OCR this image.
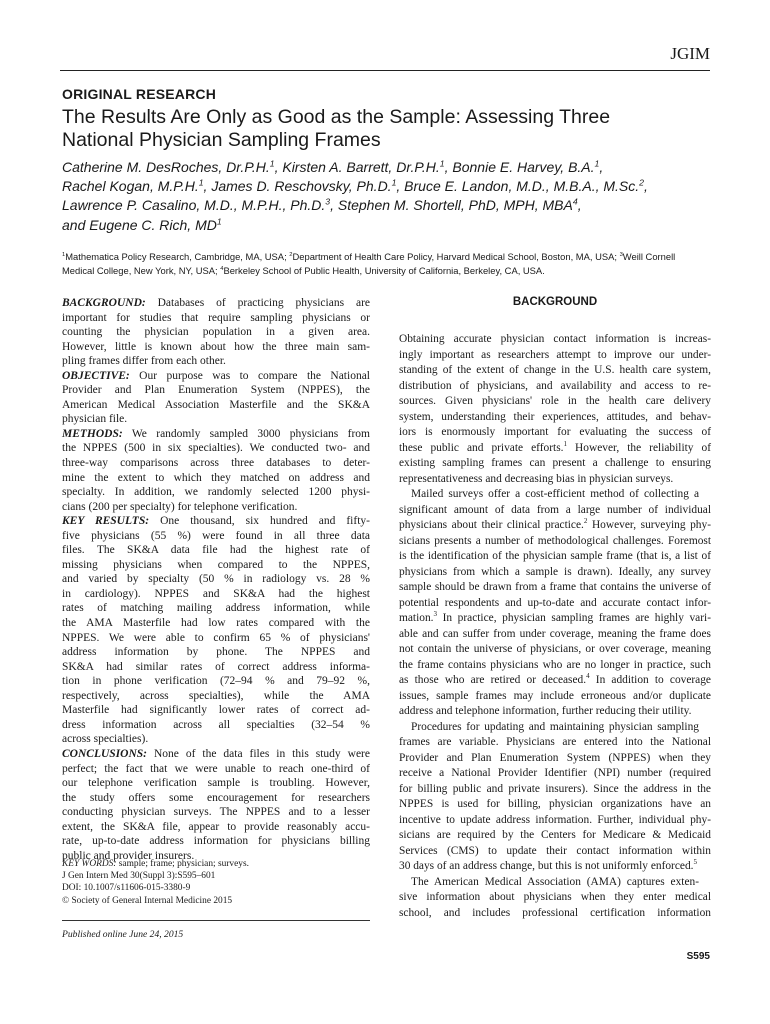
JGIM
ORIGINAL RESEARCH
The Results Are Only as Good as the Sample: Assessing Three
National Physician Sampling Frames
Catherine M. DesRoches, Dr.P.H.$^1$, Kirsten A. Barrett, Dr.P.H.$^1$, Bonnie E. Harvey, B.A.$^1$,
Rachel Kogan, M.P.H.$^1$, James D. Reschovsky, Ph.D.$^1$, Bruce E. Landon, M.D., M.B.A., M.Sc.$^2$,
Lawrence P. Casalino, M.D., M.P.H., Ph.D.$^3$, Stephen M. Shortell, PhD, MPH, MBA$^4$,
and Eugene C. Rich, $MD^1$
$^1$Mathematica Policy Research, Cambridge, MA, USA; $^2$Department of Health Care Policy, Harvard Medical School, Boston, MA, USA; $^3$Weill Cornell
Medical College, New York, NY, USA; $^4$Berkeley School of Public Health, University of California, Berkeley, CA, USA.
BACKGROUND: Databases of practicing physicians are
important for studies that require sampling physicians or
counting the physician population in a given area.
However, little is known about how the three main sam-
pling frames differ from each other.
OBJECTIVE: Our purpose was to compare the National
Provider and Plan Enumeration System (NPPES), the
American Medical Association Masterfile and the SK&A
physician file.
METHODS: We randomly sampled 3000 physicians from
the NPPES (500 in six specialties). We conducted two- and
three-way comparisons across three databases to deter-
mine the extent to which they matched on address and
specialty. In addition, we randomly selected 1200 physi-
cians (200 per specialty) for telephone verification.
KEY RESULTS: One thousand, six hundred and fifty-
five physicians (55 %) were found in all three data
files. The SK&A data file had the highest rate of
missing physicians when compared to the NPPES,
and varied by specialty (50 % in radiology vs. 28 %
in cardiology). NPPES and SK&A had the highest
rates of matching mailing address information, while
the AMA Masterfile had low rates compared with the
NPPES. We were able to confirm 65 % of physicians'
address information by phone. The NPPES and
SK&A had similar rates of correct address informa-
tion in phone verification (72–94 % and 79–92 %,
respectively, across specialties), while the AMA
Masterfile had significantly lower rates of correct ad-
dress information across all specialties (32–54 %
across specialties).
CONCLUSIONS: None of the data files in this study were
perfect; the fact that we were unable to reach one-third of
our telephone verification sample is troubling. However,
the study offers some encouragement for researchers
conducting physician surveys. The NPPES and to a lesser
extent, the SK&A file, appear to provide reasonably accu-
rate, up-to-date address information for physicians billing
public and provider insurers.
KEY WORDS: sample; frame; physician; surveys.
J Gen Intern Med 30(Suppl 3):S595–601
DOI: 10.1007/s11606-015-3380-9
© Society of General Internal Medicine 2015
Published online June 24, 2015
BACKGROUND
Obtaining accurate physician contact information is increas-
ingly important as researchers attempt to improve our under-
standing of the extent of change in the U.S. health care system,
distribution of physicians, and availability and access to re-
sources. Given physicians' role in the health care delivery
system, understanding their experiences, attitudes, and behav-
iors is enormously important for evaluating the success of
these public and private efforts.$^1$ However, the reliability of
existing sampling frames can present a challenge to ensuring
representativeness and decreasing bias in physician surveys.
Mailed surveys offer a cost-efficient method of collecting a
significant amount of data from a large number of individual
physicians about their clinical practice.$^2$ However, surveying phy-
sicians presents a number of methodological challenges. Foremost
is the identification of the physician sample frame (that is, a list of
physicians from which a sample is drawn). Ideally, any survey
sample should be drawn from a frame that contains the universe of
potential respondents and up-to-date and accurate contact infor-
mation.$^3$ In practice, physician sampling frames are highly vari-
able and can suffer from under coverage, meaning the frame does
not contain the universe of physicians, or over coverage, meaning
the frame contains physicians who are no longer in practice, such
as those who are retired or deceased.$^4$ In addition to coverage
issues, sample frames may include erroneous and/or duplicate
address and telephone information, further reducing their utility.
Procedures for updating and maintaining physician sampling
frames are variable. Physicians are entered into the National
Provider and Plan Enumeration System (NPPES) when they
receive a National Provider Identifier (NPI) number (required
for billing public and private insurers). Since the address in the
NPPES is used for billing, physician organizations have an
incentive to update address information. Further, individual phy-
sicians are required by the Centers for Medicare & Medicaid
Services (CMS) to update their contact information within
30 days of an address change, but this is not uniformly enforced.$^5$
The American Medical Association (AMA) captures exten-
sive information about physicians when they enter medical
school, and includes professional certification information
S595
